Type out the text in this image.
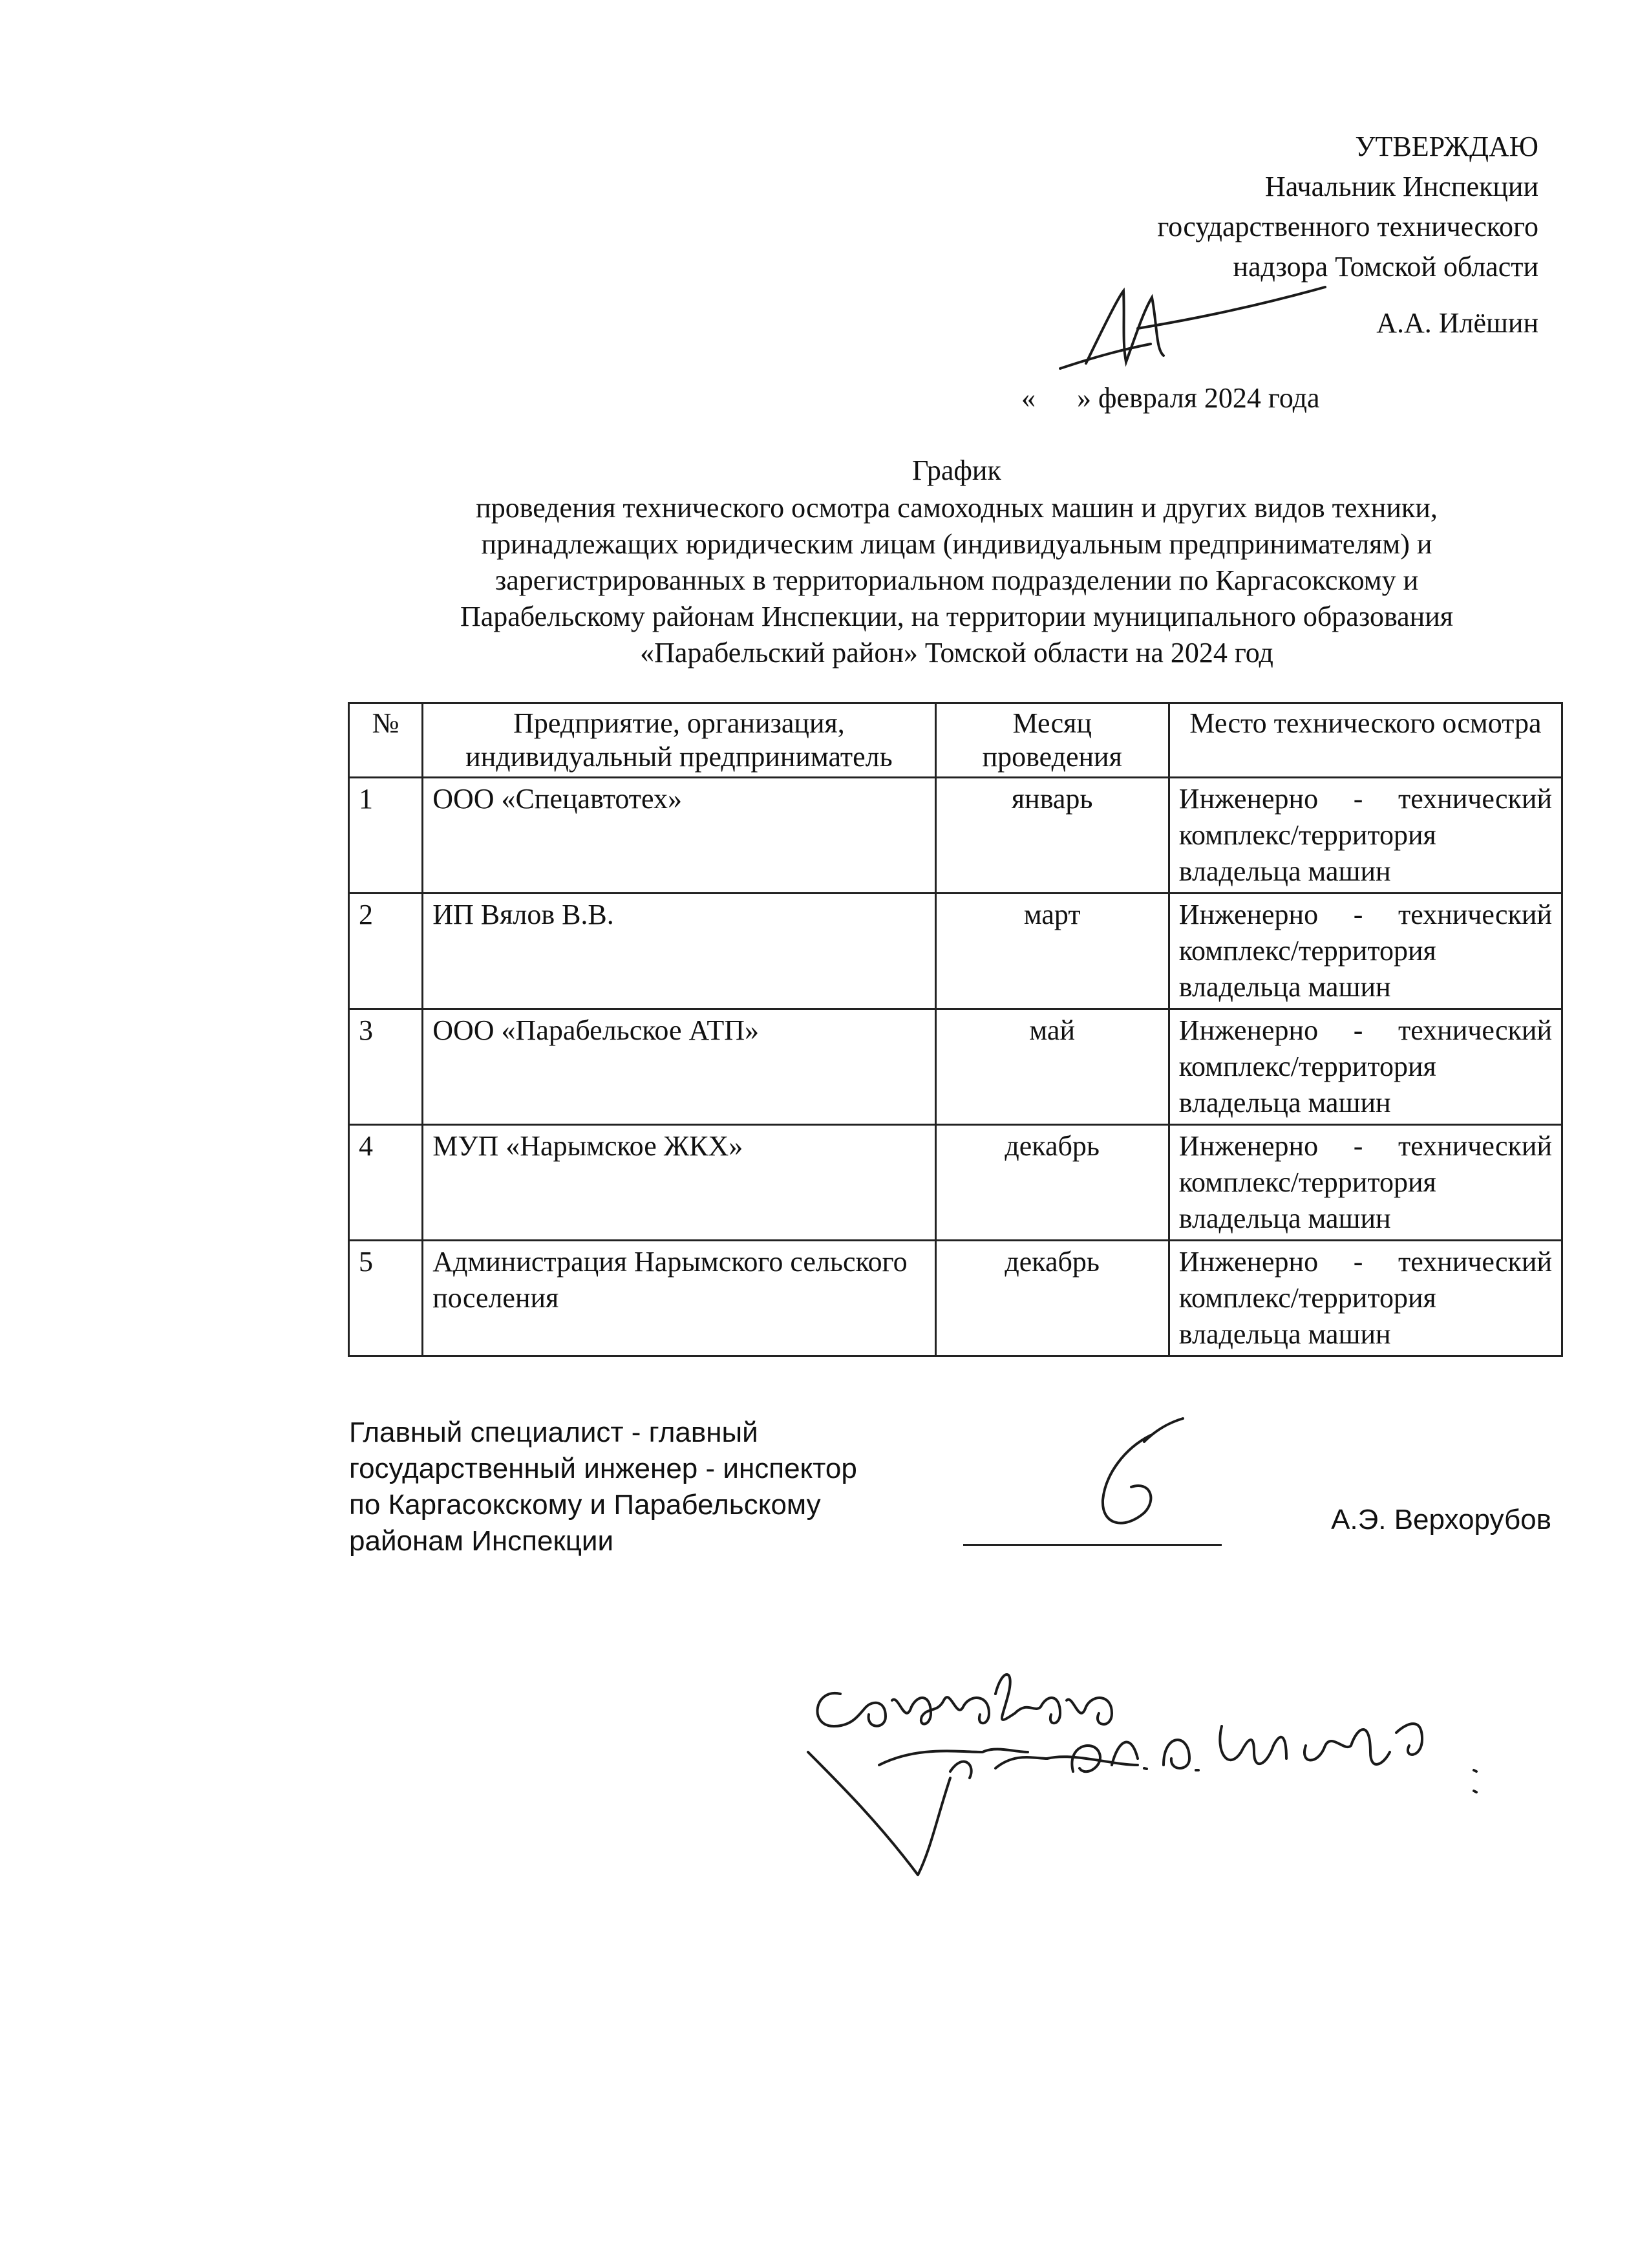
УТВЕРЖДАЮ
Начальник Инспекции
государственного технического
надзора Томской области
А.А. Илёшин
« » февраля 2024 года
График
проведения технического осмотра самоходных машин и других видов техники,
принадлежащих юридическим лицам (индивидуальным предпринимателям) и
зарегистрированных в территориальном подразделении по Каргасокскому и
Парабельскому районам Инспекции, на территории муниципального образования
«Парабельский район» Томской области на 2024 год
№	Предприятие, организация, индивидуальный предприниматель	Месяц проведения	Место технического осмотра
1	ООО «Спецавтотех»	январь	Инженерно - технический
комплекс/территория
владельца машин

2	ИП Вялов В.В.	март	Инженерно - технический
комплекс/территория
владельца машин

3	ООО «Парабельское АТП»	май	Инженерно - технический
комплекс/территория
владельца машин

4	МУП «Нарымское ЖКХ»	декабрь	Инженерно - технический
комплекс/территория
владельца машин

5	Администрация Нарымского сельского поселения	декабрь	Инженерно - технический
комплекс/территория
владельца машин
Главный специалист - главный
государственный инженер - инспектор
по Каргасокскому и Парабельскому
районам Инспекции
А.Э. Верхорубов
